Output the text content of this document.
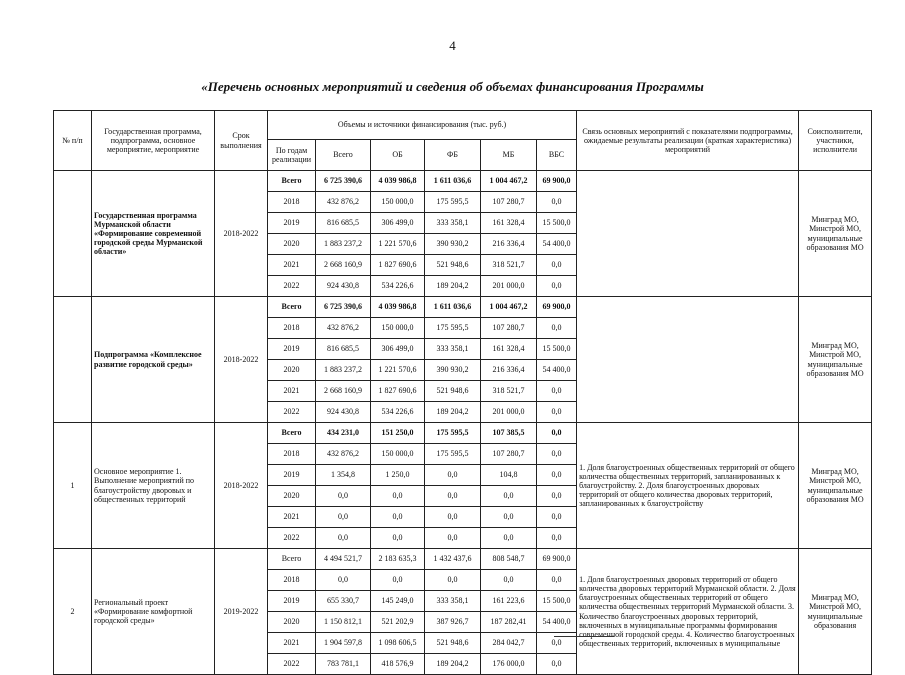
4
«Перечень основных мероприятий и сведения об объемах финансирования Программы
№ п/п	Государственная программа, подпрограмма, основное мероприятие, мероприятие	Срок выполнения	Объемы и источники финансирования (тыс. руб.)						Связь основных мероприятий с показателями подпрограммы, ожидаемые результаты реализации (краткая характеристика) мероприятий	Соисполнители, участники, исполнители
			По годам реализации	Всего	ОБ	ФБ	МБ	ВБС		
	Государственная программа Мурманской области «Формирование современной городской среды Мурманской области»	2018-2022	Всего	6 725 390,6	4 039 986,8	1 611 036,6	1 004 467,2	69 900,0		Минград МО, Минстрой МО, муниципальные образования МО
			2018	432 876,2	150 000,0	175 595,5	107 280,7	0,0		
			2019	816 685,5	306 499,0	333 358,1	161 328,4	15 500,0		
			2020	1 883 237,2	1 221 570,6	390 930,2	216 336,4	54 400,0		
			2021	2 668 160,9	1 827 690,6	521 948,6	318 521,7	0,0		
			2022	924 430,8	534 226,6	189 204,2	201 000,0	0,0		
	Подпрограмма «Комплексное развитие городской среды»	2018-2022	Всего	6 725 390,6	4 039 986,8	1 611 036,6	1 004 467,2	69 900,0		Минград МО, Минстрой МО, муниципальные образования МО
			2018	432 876,2	150 000,0	175 595,5	107 280,7	0,0		
			2019	816 685,5	306 499,0	333 358,1	161 328,4	15 500,0		
			2020	1 883 237,2	1 221 570,6	390 930,2	216 336,4	54 400,0		
			2021	2 668 160,9	1 827 690,6	521 948,6	318 521,7	0,0		
			2022	924 430,8	534 226,6	189 204,2	201 000,0	0,0		
1	Основное мероприятие 1. Выполнение мероприятий по благоустройству дворовых и общественных территорий	2018-2022	Всего	434 231,0	151 250,0	175 595,5	107 385,5	0,0	1. Доля благоустроенных общественных территорий от общего количества общественных территорий, запланированных к благоустройству. 2. Доля благоустроенных дворовых территорий от общего количества дворовых территорий, запланированных к благоустройству	Минград МО, Минстрой МО, муниципальные образования МО
			2018	432 876,2	150 000,0	175 595,5	107 280,7	0,0		
			2019	1 354,8	1 250,0	0,0	104,8	0,0		
			2020	0,0	0,0	0,0	0,0	0,0		
			2021	0,0	0,0	0,0	0,0	0,0		
			2022	0,0	0,0	0,0	0,0	0,0		
2	Региональный проект «Формирование комфортной городской среды»	2019-2022	Всего	4 494 521,7	2 183 635,3	1 432 437,6	808 548,7	69 900,0	1. Доля благоустроенных дворовых территорий от общего количества дворовых территорий Мурманской области. 2. Доля благоустроенных общественных территорий от общего количества общественных территорий Мурманской области. 3. Количество благоустроенных дворовых территорий, включенных в муниципальные программы формирования современной городской среды. 4. Количество благоустроенных общественных территорий, включенных в муниципальные	Минград МО, Минстрой МО, муниципальные образования
			2018	0,0	0,0	0,0	0,0	0,0		
			2019	655 330,7	145 249,0	333 358,1	161 223,6	15 500,0		
			2020	1 150 812,1	521 202,9	387 926,7	187 282,41	54 400,0		
			2021	1 904 597,8	1 098 606,5	521 948,6	284 042,7	0,0		
			2022	783 781,1	418 576,9	189 204,2	176 000,0	0,0		
